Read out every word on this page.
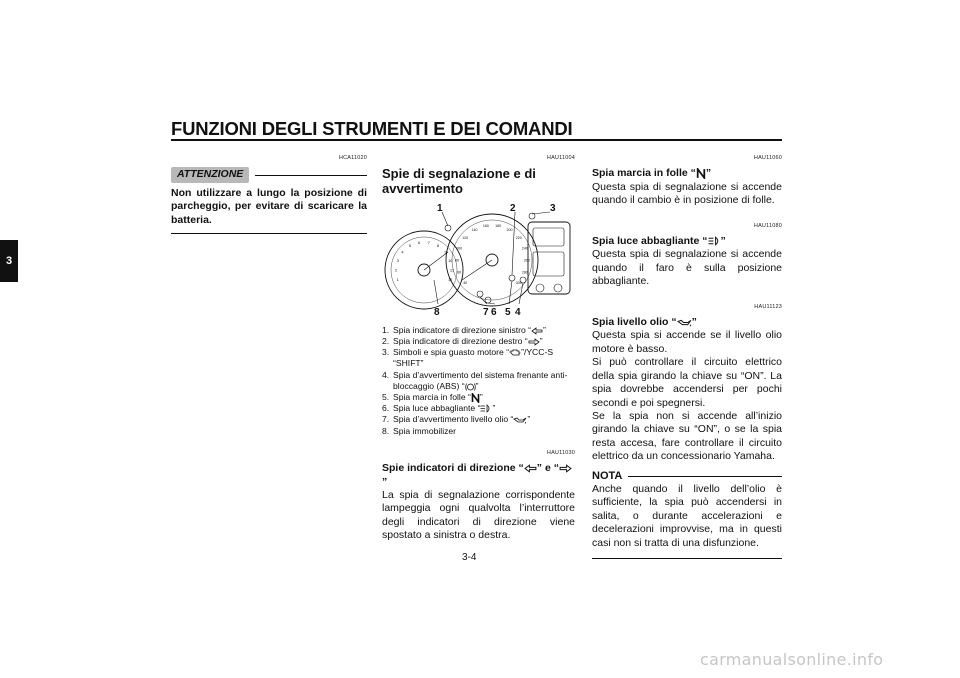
FUNZIONI DEGLI STRUMENTI E DEI COMANDI
3
HCA11020
ATTENZIONE
Non utilizzare a lungo la posizione di parcheggio, per evitare di scaricare la batteria.
HAU11004
Spie di segnalazione e di avvertimento
1
2
3
4
5
6 7
8
9
10
11
12
40
60
80
100
120
140
160 180
200
220
240
260
280
300
1	2	3
8	7 6 5 4
1. Spia indicatore di direzione sinistro “ ”
2. Spia indicatore di direzione destro “ ”
3. Simboli e spia guasto motore “ ”/YCC-S “SHIFT”
4. Spia d’avvertimento del sistema frenante anti-bloccaggio (ABS) “ ”
5. Spia marcia in folle “ ”
6. Spia luce abbagliante “ ”
7. Spia d’avvertimento livello olio “ ”
8. Spia immobilizer
HAU11030
Spie indicatori di direzione “ ” e “”
La spia di segnalazione corrispondente lampeggia ogni qualvolta l’interruttore degli indicatori di direzione viene spostato a sinistra o destra.
HAU11060
Spia marcia in folle “ ”
Questa spia di segnalazione si accende quando il cambio è in posizione di folle.
HAU11080
Spia luce abbagliante “ ”
Questa spia di segnalazione si accende quando il faro è sulla posizione abbagliante.
HAU11123
Spia livello olio “ ”
Questa spia si accende se il livello olio motore è basso.
Si può controllare il circuito elettrico della spia girando la chiave su “ON”. La spia dovrebbe accendersi per pochi secondi e poi spegnersi.
Se la spia non si accende all’inizio girando la chiave su “ON”, o se la spia resta accesa, fare controllare il circuito elettrico da un concessionario Yamaha.
NOTA
Anche quando il livello dell’olio è sufficiente, la spia può accendersi in salita, o durante accelerazioni e decelerazioni improvvise, ma in questi casi non si tratta di una disfunzione.
3-4
carmanualsonline.info
